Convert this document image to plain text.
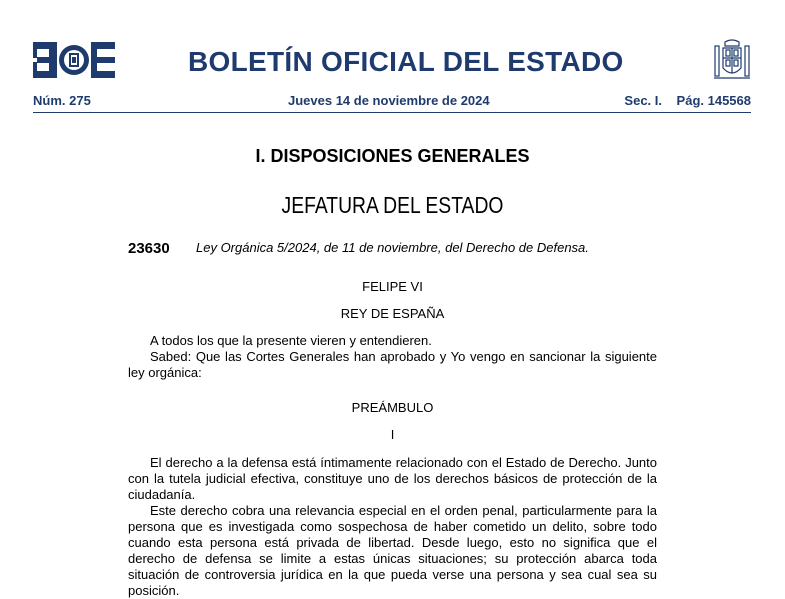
BOLETÍN OFICIAL DEL ESTADO
Núm. 275	Jueves 14 de noviembre de 2024	Sec. I. Pág. 145568
I. DISPOSICIONES GENERALES
JEFATURA DEL ESTADO
23630 Ley Orgánica 5/2024, de 11 de noviembre, del Derecho de Defensa.
FELIPE VI
REY DE ESPAÑA

A todos los que la presente vieren y entendieren.

Sabed: Que las Cortes Generales han aprobado y Yo vengo en sancionar la siguiente ley orgánica:

PREÁMBULO
I

El derecho a la defensa está íntimamente relacionado con el Estado de Derecho. Junto con la tutela judicial efectiva, constituye uno de los derechos básicos de protección de la ciudadanía.

Este derecho cobra una relevancia especial en el orden penal, particularmente para la persona que es investigada como sospechosa de haber cometido un delito, sobre todo cuando esta persona está privada de libertad. Desde luego, esto no significa que el derecho de defensa se limite a estas únicas situaciones; su protección abarca toda situación de controversia jurídica en la que pueda verse una persona y sea cual sea su posición.
